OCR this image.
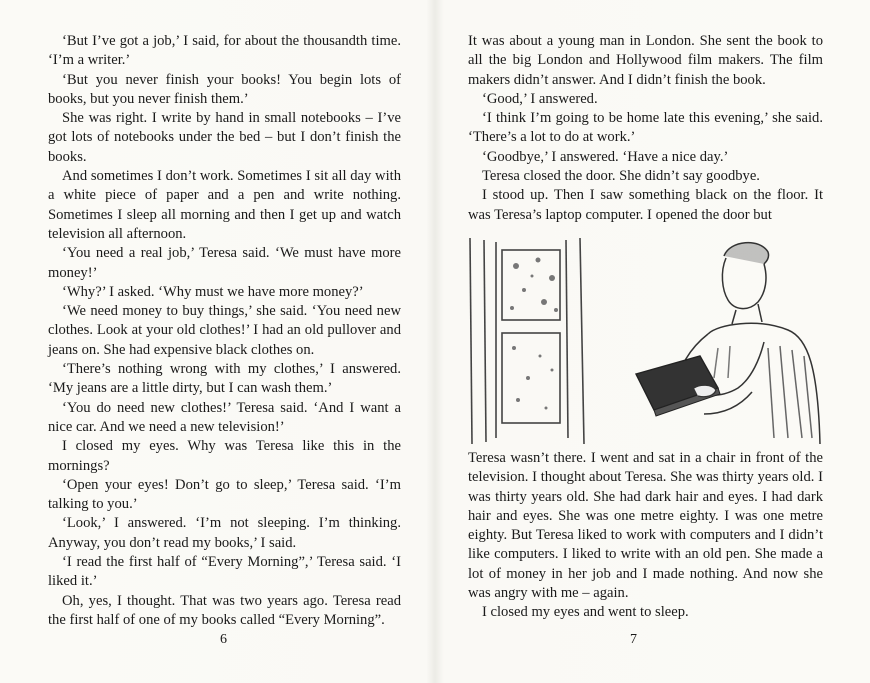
‘But I’ve got a job,’ I said, for about the thousandth time. ‘I’m a writer.’

‘But you never finish your books! You begin lots of books, but you never finish them.’

She was right. I write by hand in small notebooks – I’ve got lots of notebooks under the bed – but I don’t finish the books.

And sometimes I don’t work. Sometimes I sit all day with a white piece of paper and a pen and write nothing. Sometimes I sleep all morning and then I get up and watch television all afternoon.

‘You need a real job,’ Teresa said. ‘We must have more money!’

‘Why?’ I asked. ‘Why must we have more money?’

‘We need money to buy things,’ she said. ‘You need new clothes. Look at your old clothes!’ I had an old pullover and jeans on. She had expensive black clothes on.

‘There’s nothing wrong with my clothes,’ I answered. ‘My jeans are a little dirty, but I can wash them.’

‘You do need new clothes!’ Teresa said. ‘And I want a nice car. And we need a new television!’

I closed my eyes. Why was Teresa like this in the mornings?

‘Open your eyes! Don’t go to sleep,’ Teresa said. ‘I’m talking to you.’

‘Look,’ I answered. ‘I’m not sleeping. I’m thinking. Anyway, you don’t read my books,’ I said.

‘I read the first half of “Every Morning”,’ Teresa said. ‘I liked it.’

Oh, yes, I thought. That was two years ago. Teresa read the first half of one of my books called “Every Morning”.

6

It was about a young man in London. She sent the book to all the big London and Hollywood film makers. The film makers didn’t answer. And I didn’t finish the book.

‘Good,’ I answered.

‘I think I’m going to be home late this evening,’ she said. ‘There’s a lot to do at work.’

‘Goodbye,’ I answered. ‘Have a nice day.’

Teresa closed the door. She didn’t say goodbye.

I stood up. Then I saw something black on the floor. It was Teresa’s laptop computer. I opened the door but

Teresa wasn’t there. I went and sat in a chair in front of the television. I thought about Teresa. She was thirty years old. I was thirty years old. She had dark hair and eyes. I had dark hair and eyes. She was one metre eighty. I was one metre eighty. But Teresa liked to work with computers and I didn’t like computers. I liked to write with an old pen. She made a lot of money in her job and I made nothing. And now she was angry with me – again.

I closed my eyes and went to sleep.

7
